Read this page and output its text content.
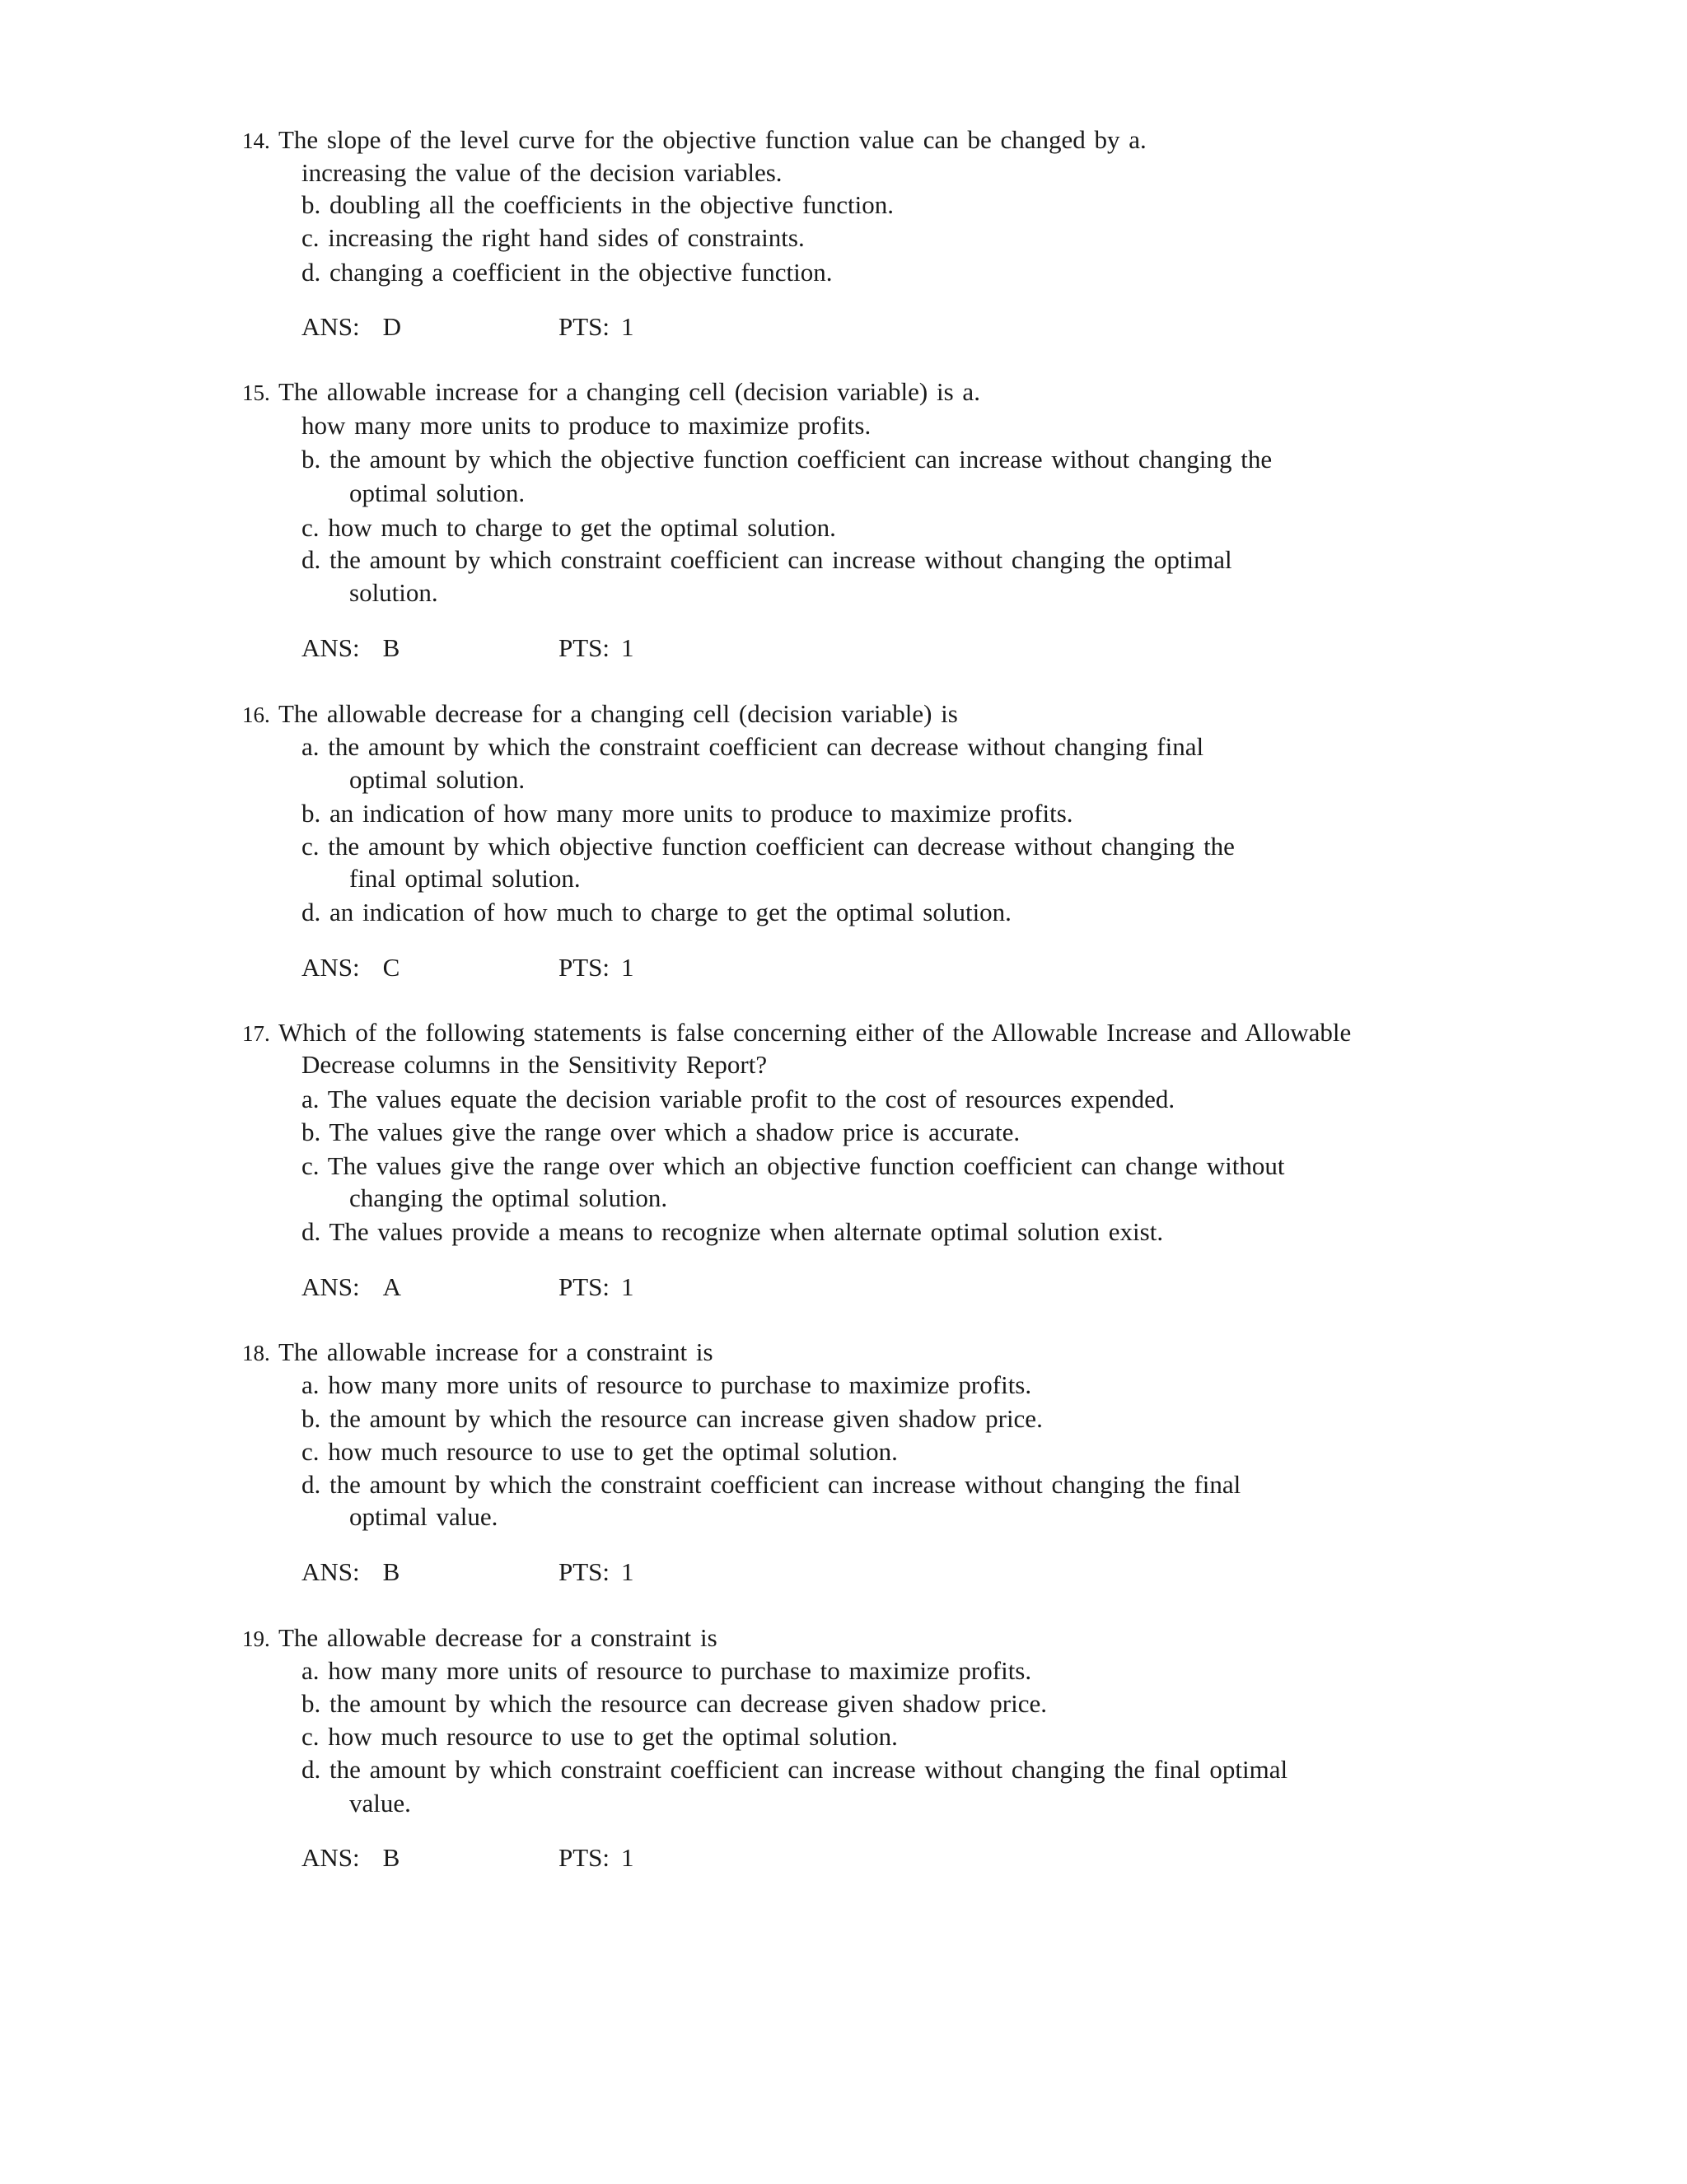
14. The slope of the level curve for the objective function value can be changed by a.
increasing the value of the decision variables.
b. doubling all the coefficients in the objective function.
c. increasing the right hand sides of constraints.
d. changing a coefficient in the objective function.
ANS: D	PTS: 1
15. The allowable increase for a changing cell (decision variable) is a.
how many more units to produce to maximize profits.
b. the amount by which the objective function coefficient can increase without changing the
optimal solution.
c. how much to charge to get the optimal solution.
d. the amount by which constraint coefficient can increase without changing the optimal
solution.
ANS: B	PTS: 1
16. The allowable decrease for a changing cell (decision variable) is
a. the amount by which the constraint coefficient can decrease without changing final
optimal solution.
b. an indication of how many more units to produce to maximize profits.
c. the amount by which objective function coefficient can decrease without changing the
final optimal solution.
d. an indication of how much to charge to get the optimal solution.
ANS: C	PTS: 1
17. Which of the following statements is false concerning either of the Allowable Increase and Allowable
Decrease columns in the Sensitivity Report?
a. The values equate the decision variable profit to the cost of resources expended.
b. The values give the range over which a shadow price is accurate.
c. The values give the range over which an objective function coefficient can change without
changing the optimal solution.
d. The values provide a means to recognize when alternate optimal solution exist.
ANS: A	PTS: 1
18. The allowable increase for a constraint is
a. how many more units of resource to purchase to maximize profits.
b. the amount by which the resource can increase given shadow price.
c. how much resource to use to get the optimal solution.
d. the amount by which the constraint coefficient can increase without changing the final
optimal value.
ANS: B	PTS: 1
19. The allowable decrease for a constraint is
a. how many more units of resource to purchase to maximize profits.
b. the amount by which the resource can decrease given shadow price.
c. how much resource to use to get the optimal solution.
d. the amount by which constraint coefficient can increase without changing the final optimal
value.
ANS: B	PTS: 1
